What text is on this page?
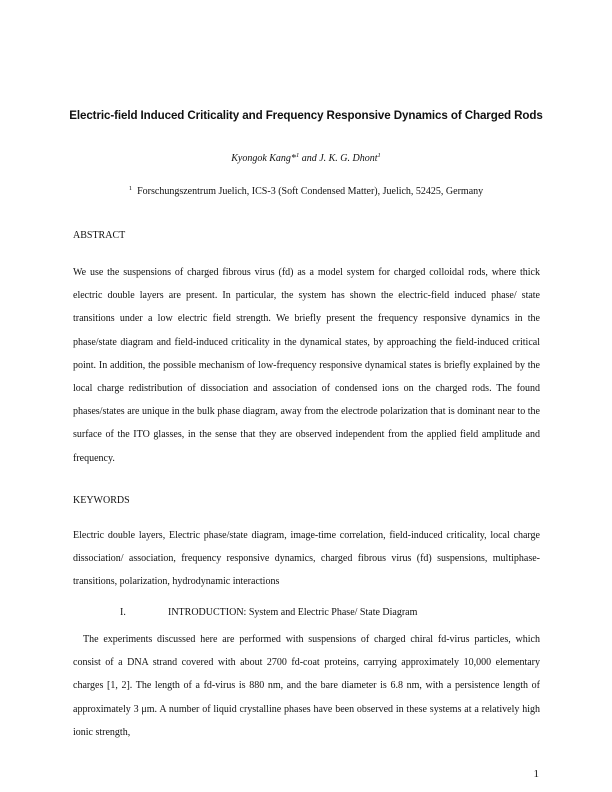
Electric-field Induced Criticality and Frequency Responsive Dynamics of Charged Rods

Kyongok Kang*$^1$ and J. K. G. Dhont$^1$

$^1$ Forschungszentrum Juelich, ICS-3 (Soft Condensed Matter), Juelich, 52425, Germany

ABSTRACT

We use the suspensions of charged fibrous virus (fd) as a model system for charged colloidal rods, where thick electric double layers are present. In particular, the system has shown the electric-field induced phase/ state transitions under a low electric field strength. We briefly present the frequency responsive dynamics in the phase/state diagram and field-induced criticality in the dynamical states, by approaching the field-induced critical point. In addition, the possible mechanism of low-frequency responsive dynamical states is briefly explained by the local charge redistribution of dissociation and association of condensed ions on the charged rods. The found phases/states are unique in the bulk phase diagram, away from the electrode polarization that is dominant near to the surface of the ITO glasses, in the sense that they are observed independent from the applied field amplitude and frequency.

KEYWORDS

Electric double layers, Electric phase/state diagram, image-time correlation, field-induced criticality, local charge dissociation/ association, frequency responsive dynamics, charged fibrous virus (fd) suspensions, multiphase-transitions, polarization, hydrodynamic interactions

I.	INTRODUCTION: System and Electric Phase/ State Diagram

The experiments discussed here are performed with suspensions of charged chiral fd-virus particles, which consist of a DNA strand covered with about 2700 fd-coat proteins, carrying approximately 10,000 elementary charges [1, 2]. The length of a fd-virus is 880 nm, and the bare diameter is 6.8 nm, with a persistence length of approximately 3 μm. A number of liquid crystalline phases have been observed in these systems at a relatively high ionic strength,

1
